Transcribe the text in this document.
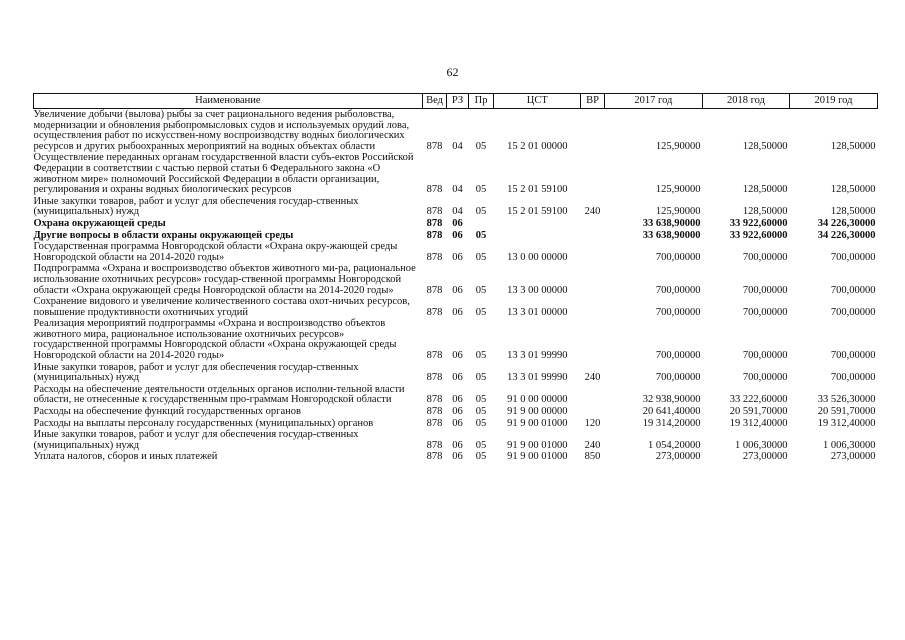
62
Наименование	Вед	РЗ	Пр	ЦСТ	ВР	2017 год	2018 год	2019 год
Увеличение добычи (вылова) рыбы за счет рационального ведения рыболовства, модернизации и обновления рыбопромысловых судов и используемых орудий лова, осуществления работ по искусствен-ному воспроизводству водных биологических ресурсов и других рыбоохранных мероприятий на водных объектах области	878	04	05	15 2 01 00000		125,90000	128,50000	128,50000
Осуществление переданных органам государственной власти субъ-ектов Российской Федерации в соответствии с частью первой статьи 6 Федерального закона «О животном мире» полномочий Российской Федерации в области организации, регулирования и охраны водных биологических ресурсов	878	04	05	15 2 01 59100		125,90000	128,50000	128,50000
Иные закупки товаров, работ и услуг для обеспечения государ-ственных (муниципальных) нужд	878	04	05	15 2 01 59100	240	125,90000	128,50000	128,50000
Охрана окружающей среды	878	06				33 638,90000	33 922,60000	34 226,30000
Другие вопросы в области охраны окружающей среды	878	06	05			33 638,90000	33 922,60000	34 226,30000
Государственная программа Новгородской области «Охрана окру-жающей среды Новгородской области на 2014-2020 годы»	878	06	05	13 0 00 00000		700,00000	700,00000	700,00000
Подпрограмма «Охрана и воспроизводство объектов животного ми-ра, рациональное использование охотничьих ресурсов» государ-ственной программы Новгородской области «Охрана окружающей среды Новгородской области на 2014-2020 годы»	878	06	05	13 3 00 00000		700,00000	700,00000	700,00000
Сохранение видового и увеличение количественного состава охот-ничьих ресурсов, повышение продуктивности охотничьих угодий	878	06	05	13 3 01 00000		700,00000	700,00000	700,00000
Реализация мероприятий подпрограммы «Охрана и воспроизводство объектов животного мира, рациональное использование охотничьих ресурсов» государственной программы Новгородской области «Охрана окружающей среды Новгородской области на 2014-2020 годы»	878	06	05	13 3 01 99990		700,00000	700,00000	700,00000
Иные закупки товаров, работ и услуг для обеспечения государ-ственных (муниципальных) нужд	878	06	05	13 3 01 99990	240	700,00000	700,00000	700,00000
Расходы на обеспечение деятельности отдельных органов исполни-тельной власти области, не отнесенные к государственным про-граммам Новгородской области	878	06	05	91 0 00 00000		32 938,90000	33 222,60000	33 526,30000
Расходы на обеспечение функций государственных органов	878	06	05	91 9 00 00000		20 641,40000	20 591,70000	20 591,70000
Расходы на выплаты персоналу государственных (муниципальных) органов	878	06	05	91 9 00 01000	120	19 314,20000	19 312,40000	19 312,40000
Иные закупки товаров, работ и услуг для обеспечения государ-ственных (муниципальных) нужд	878	06	05	91 9 00 01000	240	1 054,20000	1 006,30000	1 006,30000
Уплата налогов, сборов и иных платежей	878	06	05	91 9 00 01000	850	273,00000	273,00000	273,00000
